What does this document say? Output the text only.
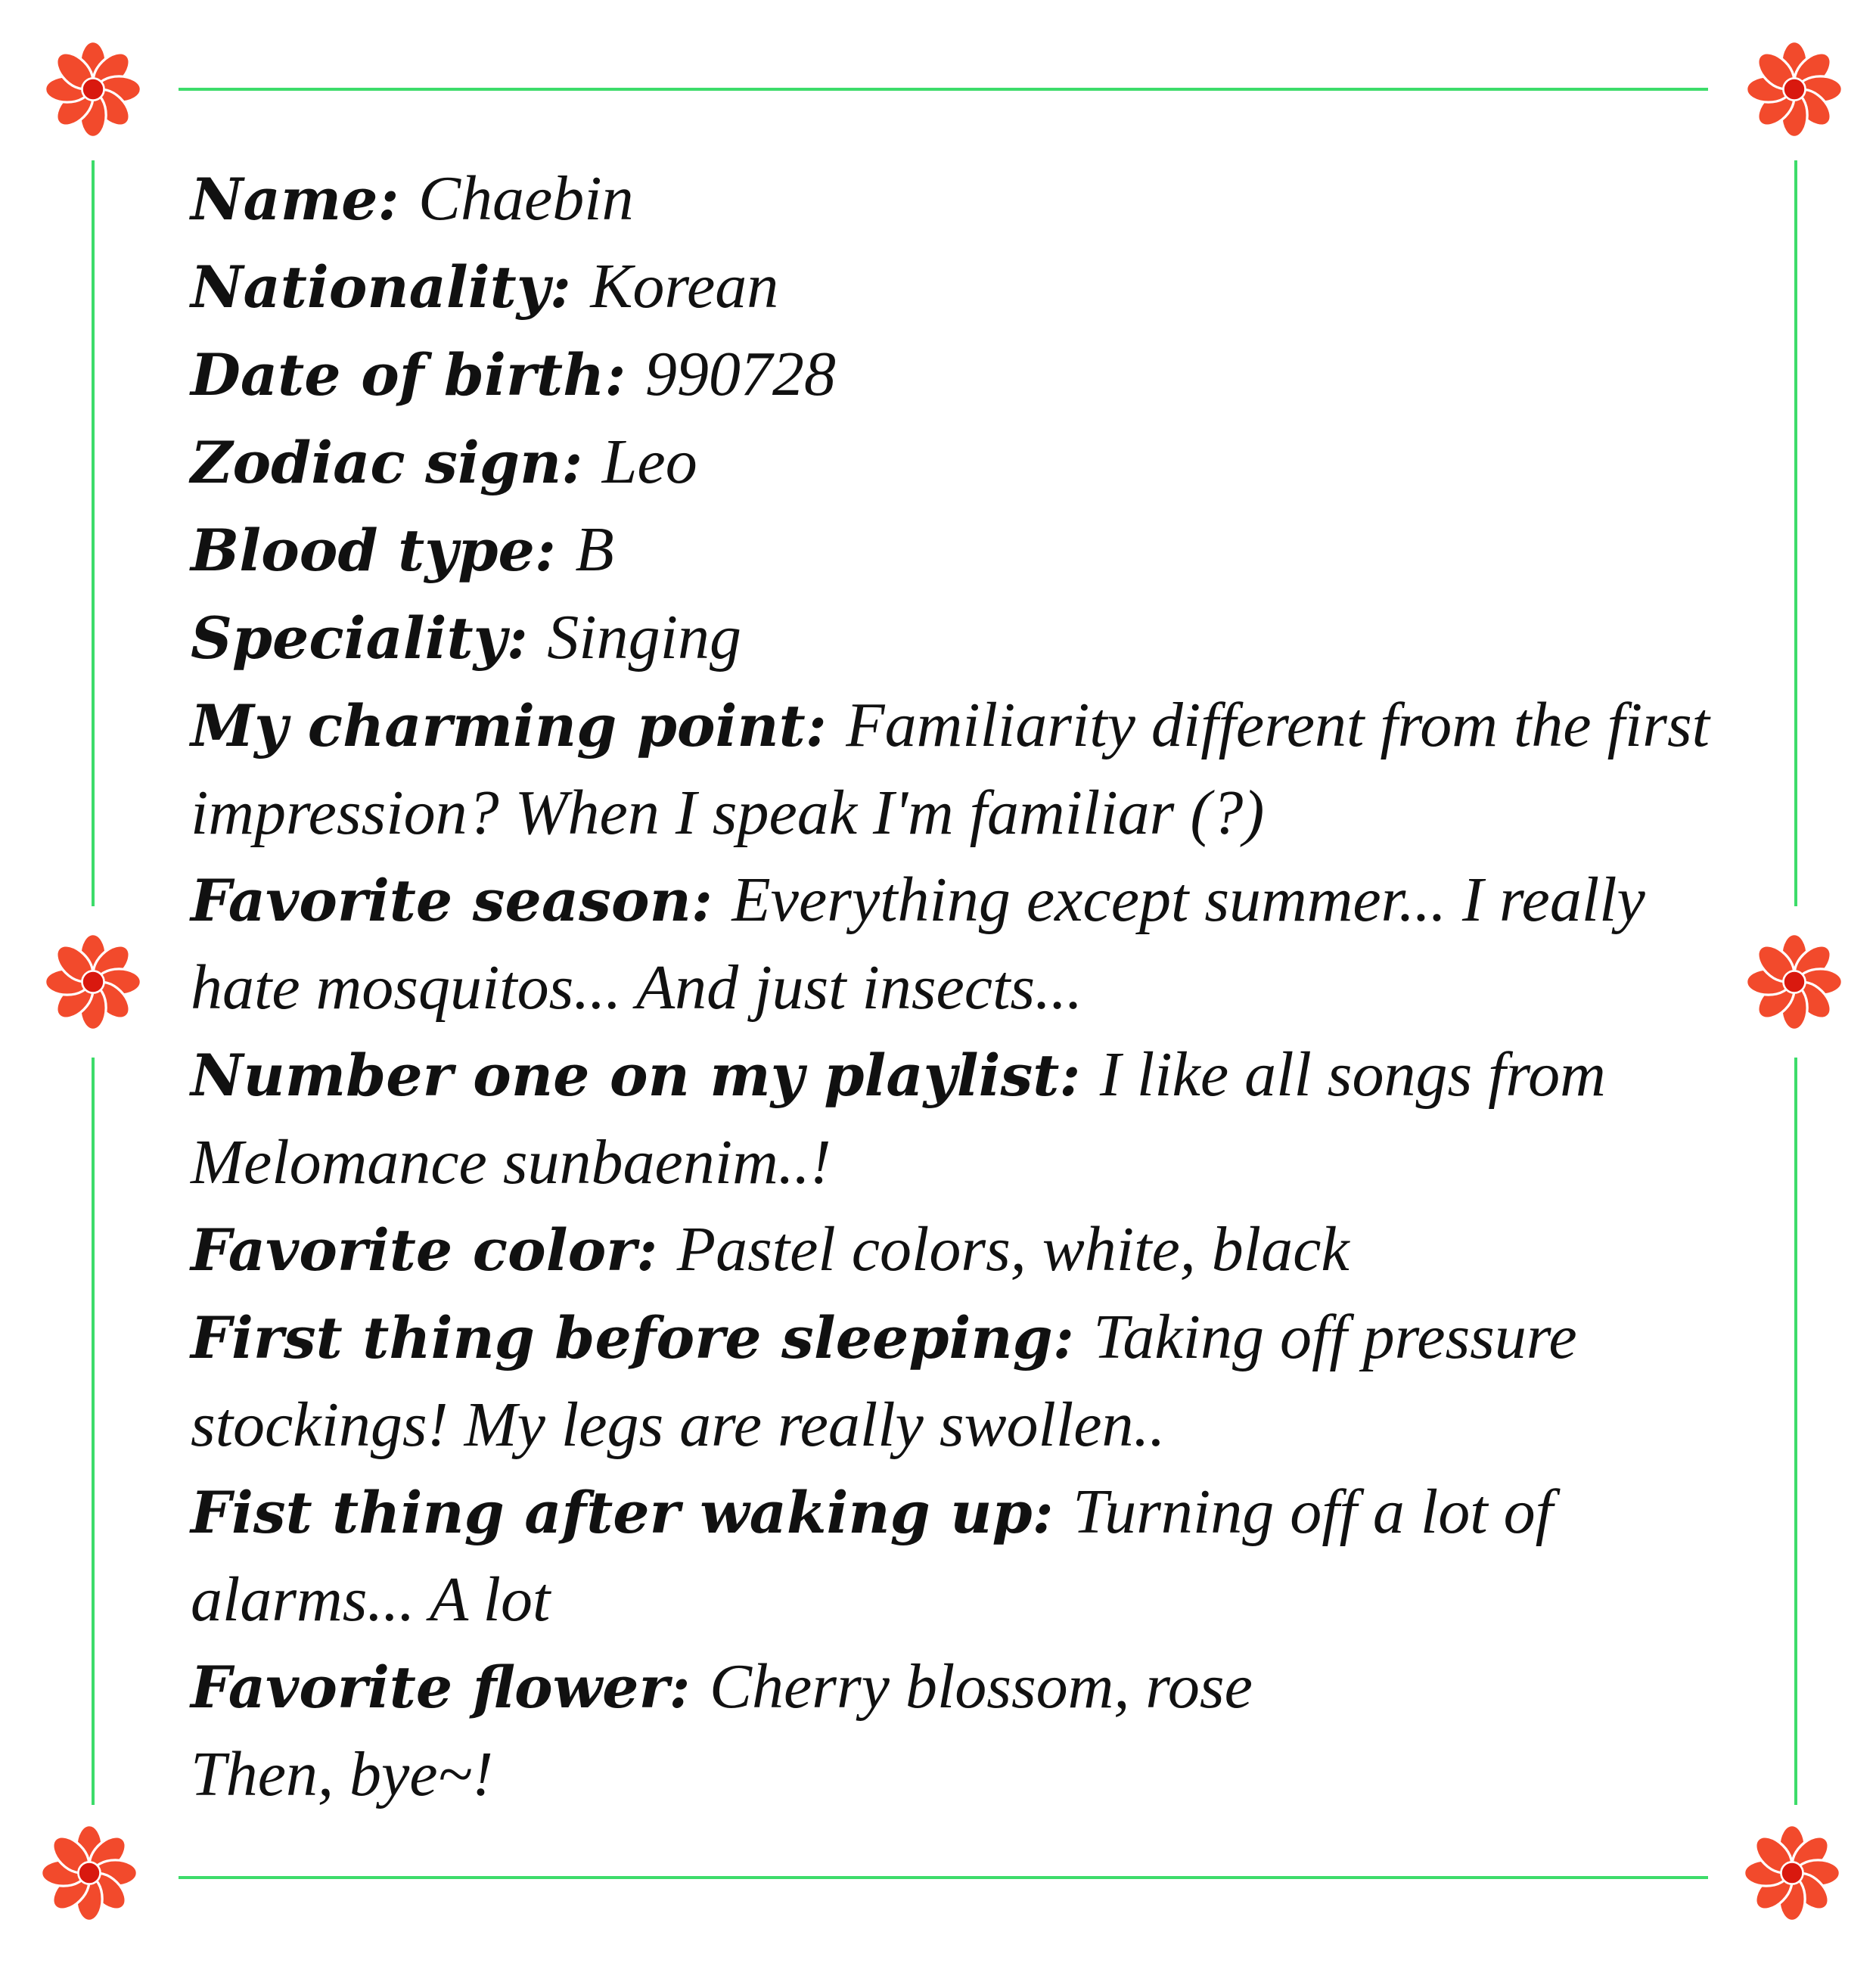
Name: Chaebin

Nationality: Korean

Date of birth: 990728

Zodiac sign: Leo

Blood type: B

Speciality: Singing

My charming point: Familiarity different from the first impression? When I speak I'm familiar (?)

Favorite season: Everything except summer... I really hate mosquitos... And just insects...

Number one on my playlist: I like all songs from Melomance sunbaenim..!

Favorite color: Pastel colors, white, black

First thing before sleeping: Taking off pressure stockings! My legs are really swollen..

Fist thing after waking up: Turning off a lot of alarms... A lot

Favorite flower: Cherry blossom, rose

Then, bye~!
